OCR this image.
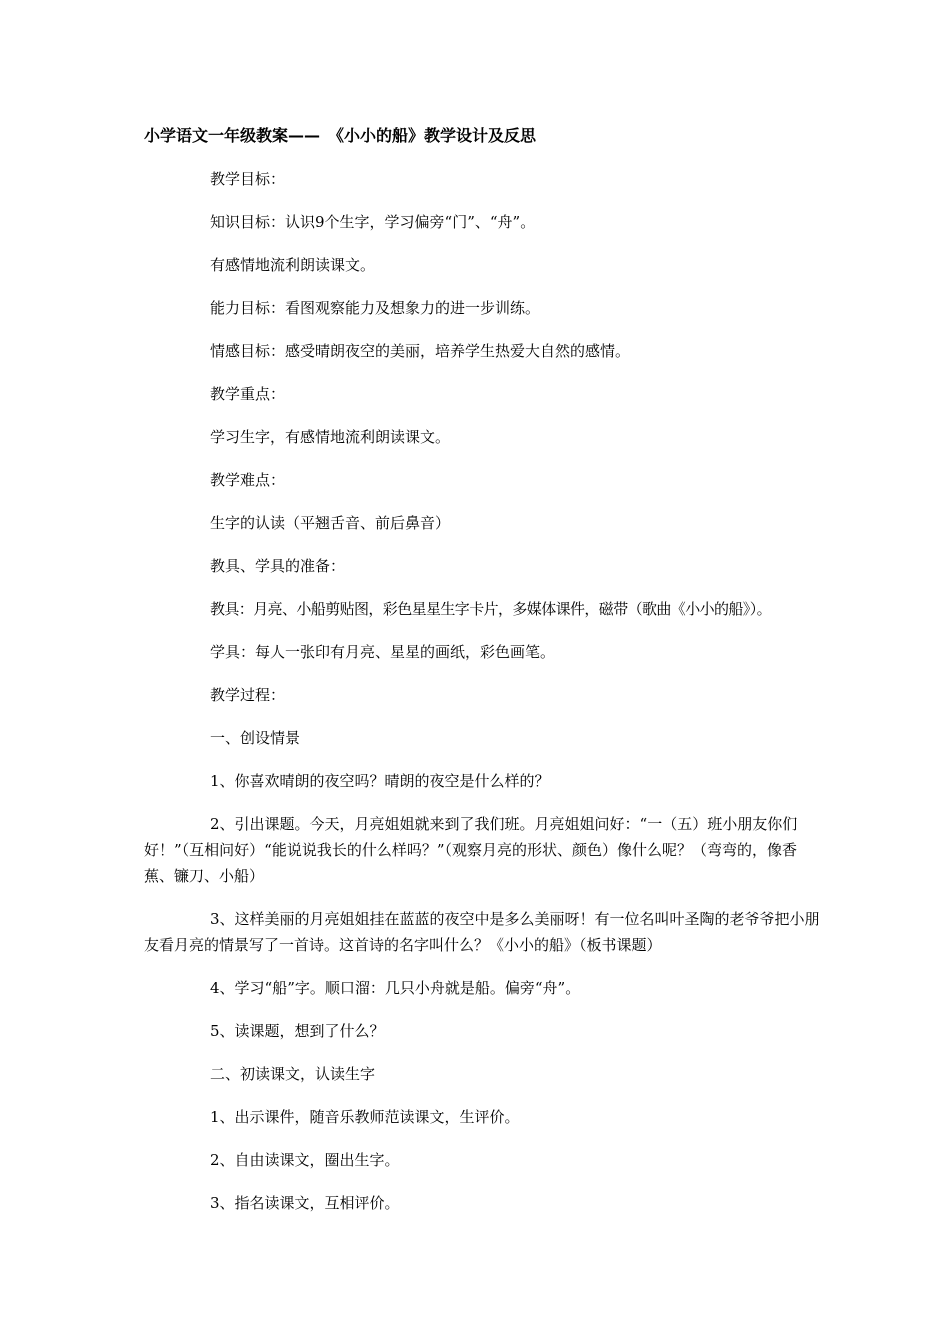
小学语文一年级教案——　《小小的船》教学设计及反思
教学目标：
知识目标：认识9个生字，学习偏旁“门”、“舟”。
有感情地流利朗读课文。
能力目标：看图观察能力及想象力的进一步训练。
情感目标：感受晴朗夜空的美丽，培养学生热爱大自然的感情。
教学重点：
学习生字，有感情地流利朗读课文。
教学难点：
生字的认读（平翘舌音、前后鼻音）
教具、学具的准备：
教具：月亮、小船剪贴图，彩色星星生字卡片，多媒体课件，磁带（歌曲《小小的船》）。
学具：每人一张印有月亮、星星的画纸，彩色画笔。
教学过程：
一、创设情景
1、你喜欢晴朗的夜空吗？晴朗的夜空是什么样的？
2、引出课题。今天，月亮姐姐就来到了我们班。月亮姐姐问好：“一（五）班小朋友你们好！”（互相问好）“能说说我长的什么样吗？”（观察月亮的形状、颜色）像什么呢？（弯弯的，像香蕉、镰刀、小船）
3、这样美丽的月亮姐姐挂在蓝蓝的夜空中是多么美丽呀！有一位名叫叶圣陶的老爷爷把小朋友看月亮的情景写了一首诗。这首诗的名字叫什么？《小小的船》（板书课题）
4、学习“船”字。顺口溜：几只小舟就是船。偏旁“舟”。
5、读课题，想到了什么？
二、初读课文，认读生字
1、出示课件，随音乐教师范读课文，生评价。
2、自由读课文，圈出生字。
3、指名读课文，互相评价。
